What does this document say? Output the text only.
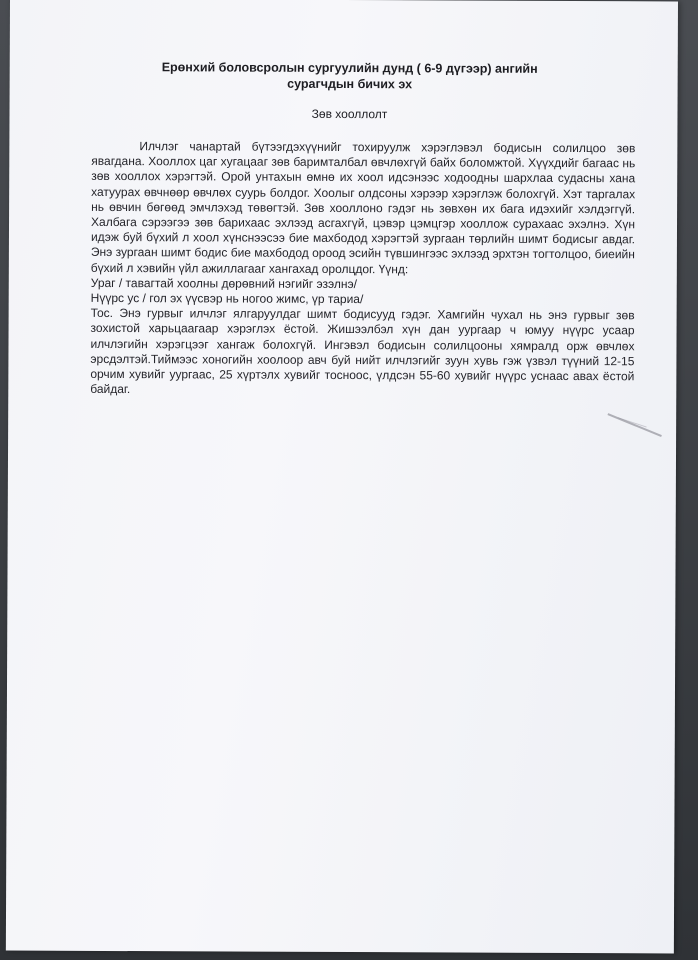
Ерөнхий боловсролын сургуулийн дунд ( 6-9 дүгээр) ангийн
сурагчдын бичих эх
Зөв хооллолт

Илчлэг чанартай бүтээгдэхүүнийг тохируулж хэрэглэвэл бодисын солилцоо зөв явагдана. Хооллох цаг хугацааг зөв баримталбал өвчлөхгүй байх боломжтой. Хүүхдийг багаас нь зөв хооллох хэрэгтэй. Орой унтахын өмнө их хоол идсэнээс ходоодны шархлаа судасны хана хатуурах өвчнөөр өвчлөх суурь болдог. Хоолыг олдсоны хэрээр хэрэглэж болохгүй. Хэт таргалах нь өвчин бөгөөд эмчлэхэд төвөгтэй. Зөв хооллоно гэдэг нь зөвхөн их бага идэхийг хэлдэггүй. Халбага сэрээгээ зөв барихаас эхлээд асгахгүй, цэвэр цэмцгэр хооллож сурахаас эхэлнэ. Хүн идэж буй бүхий л хоол хүнснээсээ бие махбодод хэрэгтэй зургаан төрлийн шимт бодисыг авдаг. Энэ зургаан шимт бодис бие махбодод ороод эсийн түвшингээс эхлээд эрхтэн тогтолцоо, биеийн бүхий л хэвийн үйл ажиллагааг хангахад оролцдог. Үүнд:

Ураг / тавагтай хоолны дөрөвний нэгийг эзэлнэ/

Нүүрс ус / гол эх үүсвэр нь ногоо жимс, үр тариа/

Тос. Энэ гурвыг илчлэг ялгаруулдаг шимт бодисууд гэдэг. Хамгийн чухал нь энэ гурвыг зөв зохистой харьцаагаар хэрэглэх ёстой. Жишээлбэл хүн дан уургаар ч юмуу нүүрс усаар илчлэгийн хэрэгцээг хангаж болохгүй. Ингэвэл бодисын солилцооны хямралд орж өвчлөх эрсдэлтэй.Тиймээс хоногийн хоолоор авч буй нийт илчлэгийг зуун хувь гэж үзвэл түүний 12-15 орчим хувийг уургаас, 25 хүртэлх хувийг тосноос, үлдсэн 55-60 хувийг нүүрс уснаас авах ёстой байдаг.
